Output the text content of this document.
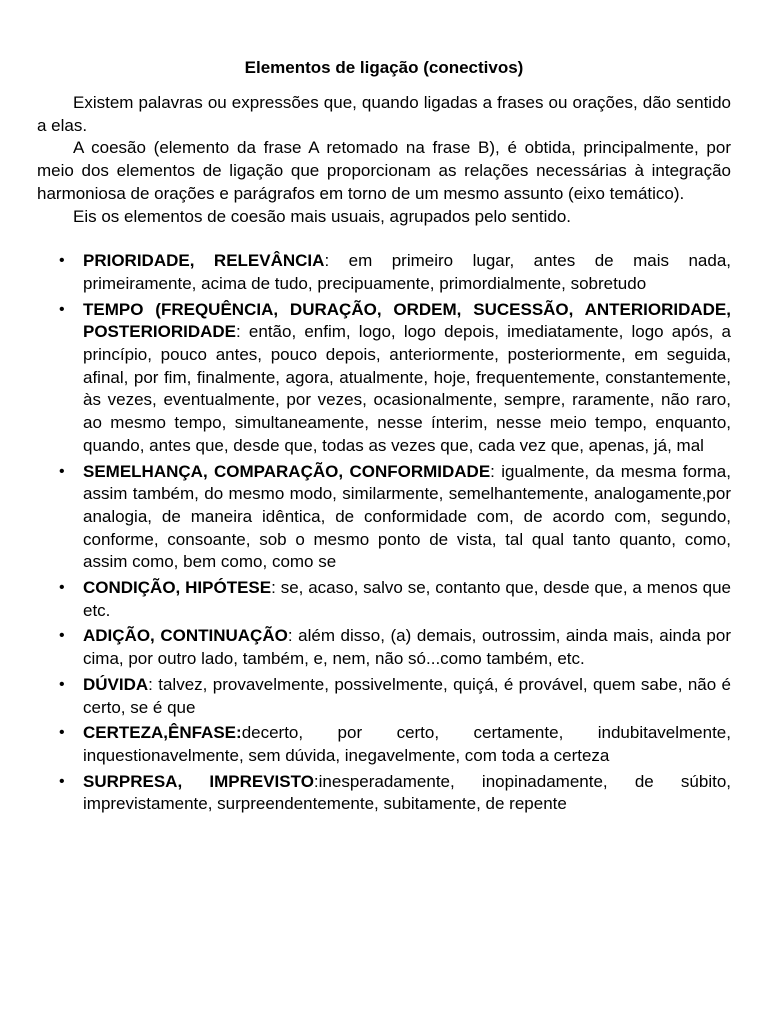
Elementos de ligação (conectivos)

Existem palavras ou expressões que, quando ligadas a frases ou orações, dão sentido a elas.

A coesão (elemento da frase A retomado na frase B), é obtida, principalmente, por meio dos elementos de ligação que proporcionam as relações necessárias à integração harmoniosa de orações e parágrafos em torno de um mesmo assunto (eixo temático).

Eis os elementos de coesão mais usuais, agrupados pelo sentido.

• PRIORIDADE, RELEVÂNCIA: em primeiro lugar, antes de mais nada, primeiramente, acima de tudo, precipuamente, primordialmente, sobretudo
• TEMPO (FREQUÊNCIA, DURAÇÃO, ORDEM, SUCESSÃO, ANTERIORIDADE, POSTERIORIDADE: então, enfim, logo, logo depois, imediatamente, logo após, a princípio, pouco antes, pouco depois, anteriormente, posteriormente, em seguida, afinal, por fim, finalmente, agora, atualmente, hoje, frequentemente, constantemente, às vezes, eventualmente, por vezes, ocasionalmente, sempre, raramente, não raro, ao mesmo tempo, simultaneamente, nesse ínterim, nesse meio tempo, enquanto, quando, antes que, desde que, todas as vezes que, cada vez que, apenas, já, mal
• SEMELHANÇA, COMPARAÇÃO, CONFORMIDADE: igualmente, da mesma forma, assim também, do mesmo modo, similarmente, semelhantemente, analogamente,por analogia, de maneira idêntica, de conformidade com, de acordo com, segundo, conforme, consoante, sob o mesmo ponto de vista, tal qual tanto quanto, como, assim como, bem como, como se
• CONDIÇÃO, HIPÓTESE: se, acaso, salvo se, contanto que, desde que, a menos que etc.
• ADIÇÃO, CONTINUAÇÃO: além disso, (a) demais, outrossim, ainda mais, ainda por cima, por outro lado, também, e, nem, não só...como também, etc.
• DÚVIDA: talvez, provavelmente, possivelmente, quiçá, é provável, quem sabe, não é certo, se é que
• CERTEZA,ÊNFASE:decerto, por certo, certamente, indubitavelmente, inquestionavelmente, sem dúvida, inegavelmente, com toda a certeza
• SURPRESA, IMPREVISTO:inesperadamente, inopinadamente, de súbito, imprevistamente, surpreendentemente, subitamente, de repente
